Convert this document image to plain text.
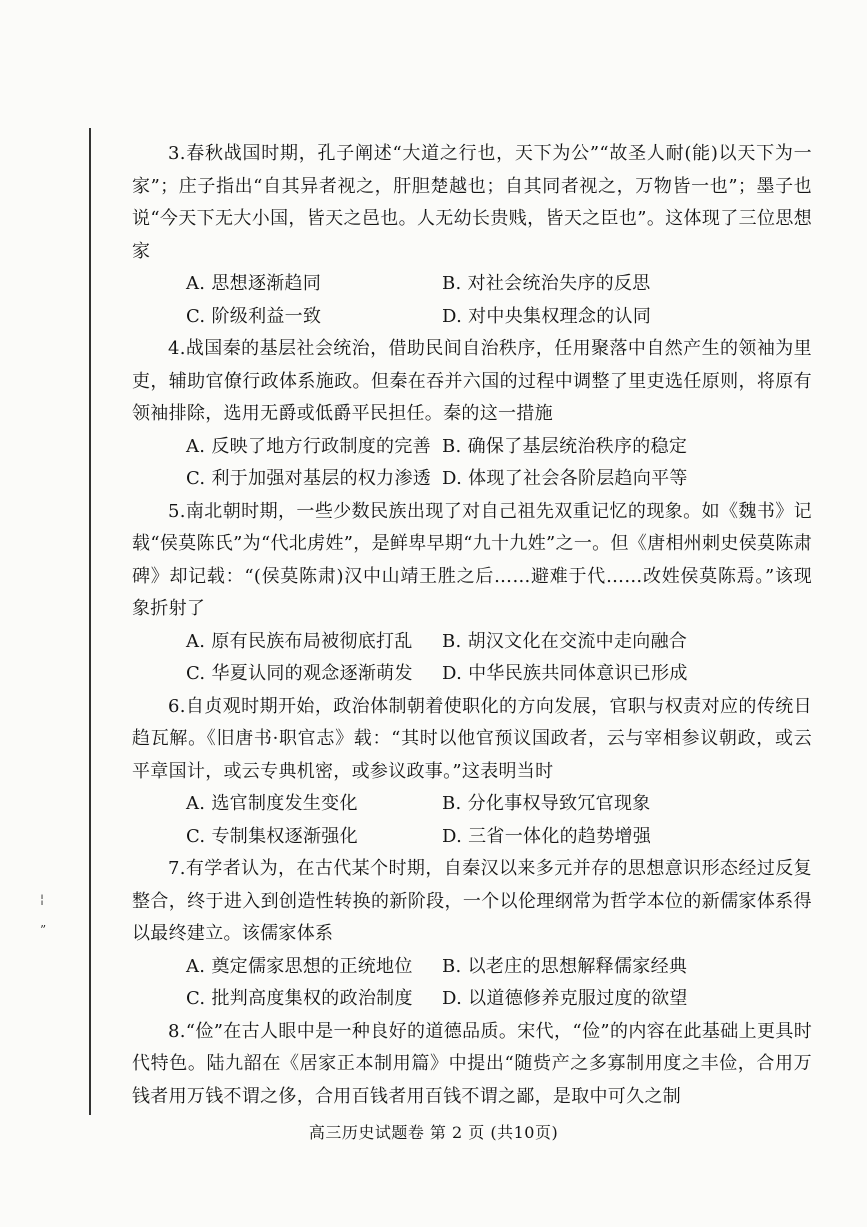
¦
”

3.春秋战国时期，孔子阐述“大道之行也，天下为公”“故圣人耐(能)以天下为一家”；庄子指出“自其异者视之，肝胆楚越也；自其同者视之，万物皆一也”；墨子也说“今天下无大小国，皆天之邑也。人无幼长贵贱，皆天之臣也”。这体现了三位思想家

A. 思想逐渐趋同	B. 对社会统治失序的反思
C. 阶级利益一致	D. 对中央集权理念的认同

4.战国秦的基层社会统治，借助民间自治秩序，任用聚落中自然产生的领袖为里吏，辅助官僚行政体系施政。但秦在吞并六国的过程中调整了里吏选任原则，将原有领袖排除，选用无爵或低爵平民担任。秦的这一措施

A. 反映了地方行政制度的完善 B. 确保了基层统治秩序的稳定
C. 利于加强对基层的权力渗透 D. 体现了社会各阶层趋向平等

5.南北朝时期，一些少数民族出现了对自己祖先双重记忆的现象。如《魏书》记载“侯莫陈氏”为“代北虏姓”，是鲜卑早期“九十九姓”之一。但《唐相州刺史侯莫陈肃碑》却记载：“(侯莫陈肃)汉中山靖王胜之后……避难于代……改姓侯莫陈焉。”该现象折射了

A. 原有民族布局被彻底打乱	B. 胡汉文化在交流中走向融合
C. 华夏认同的观念逐渐萌发	D. 中华民族共同体意识已形成

6.自贞观时期开始，政治体制朝着使职化的方向发展，官职与权责对应的传统日趋瓦解。《旧唐书·职官志》载：“其时以他官预议国政者，云与宰相参议朝政，或云平章国计，或云专典机密，或参议政事。”这表明当时

A. 选官制度发生变化	B. 分化事权导致冗官现象
C. 专制集权逐渐强化	D. 三省一体化的趋势增强

7.有学者认为，在古代某个时期，自秦汉以来多元并存的思想意识形态经过反复整合，终于进入到创造性转换的新阶段，一个以伦理纲常为哲学本位的新儒家体系得以最终建立。该儒家体系

A. 奠定儒家思想的正统地位	B. 以老庄的思想解释儒家经典
C. 批判高度集权的政治制度	D. 以道德修养克服过度的欲望

8.“俭”在古人眼中是一种良好的道德品质。宋代，“俭”的内容在此基础上更具时代特色。陆九韶在《居家正本制用篇》中提出“随赀产之多寡制用度之丰俭，合用万钱者用万钱不谓之侈，合用百钱者用百钱不谓之鄙，是取中可久之制

高三历史试题卷 第 2 页 (共10页)
